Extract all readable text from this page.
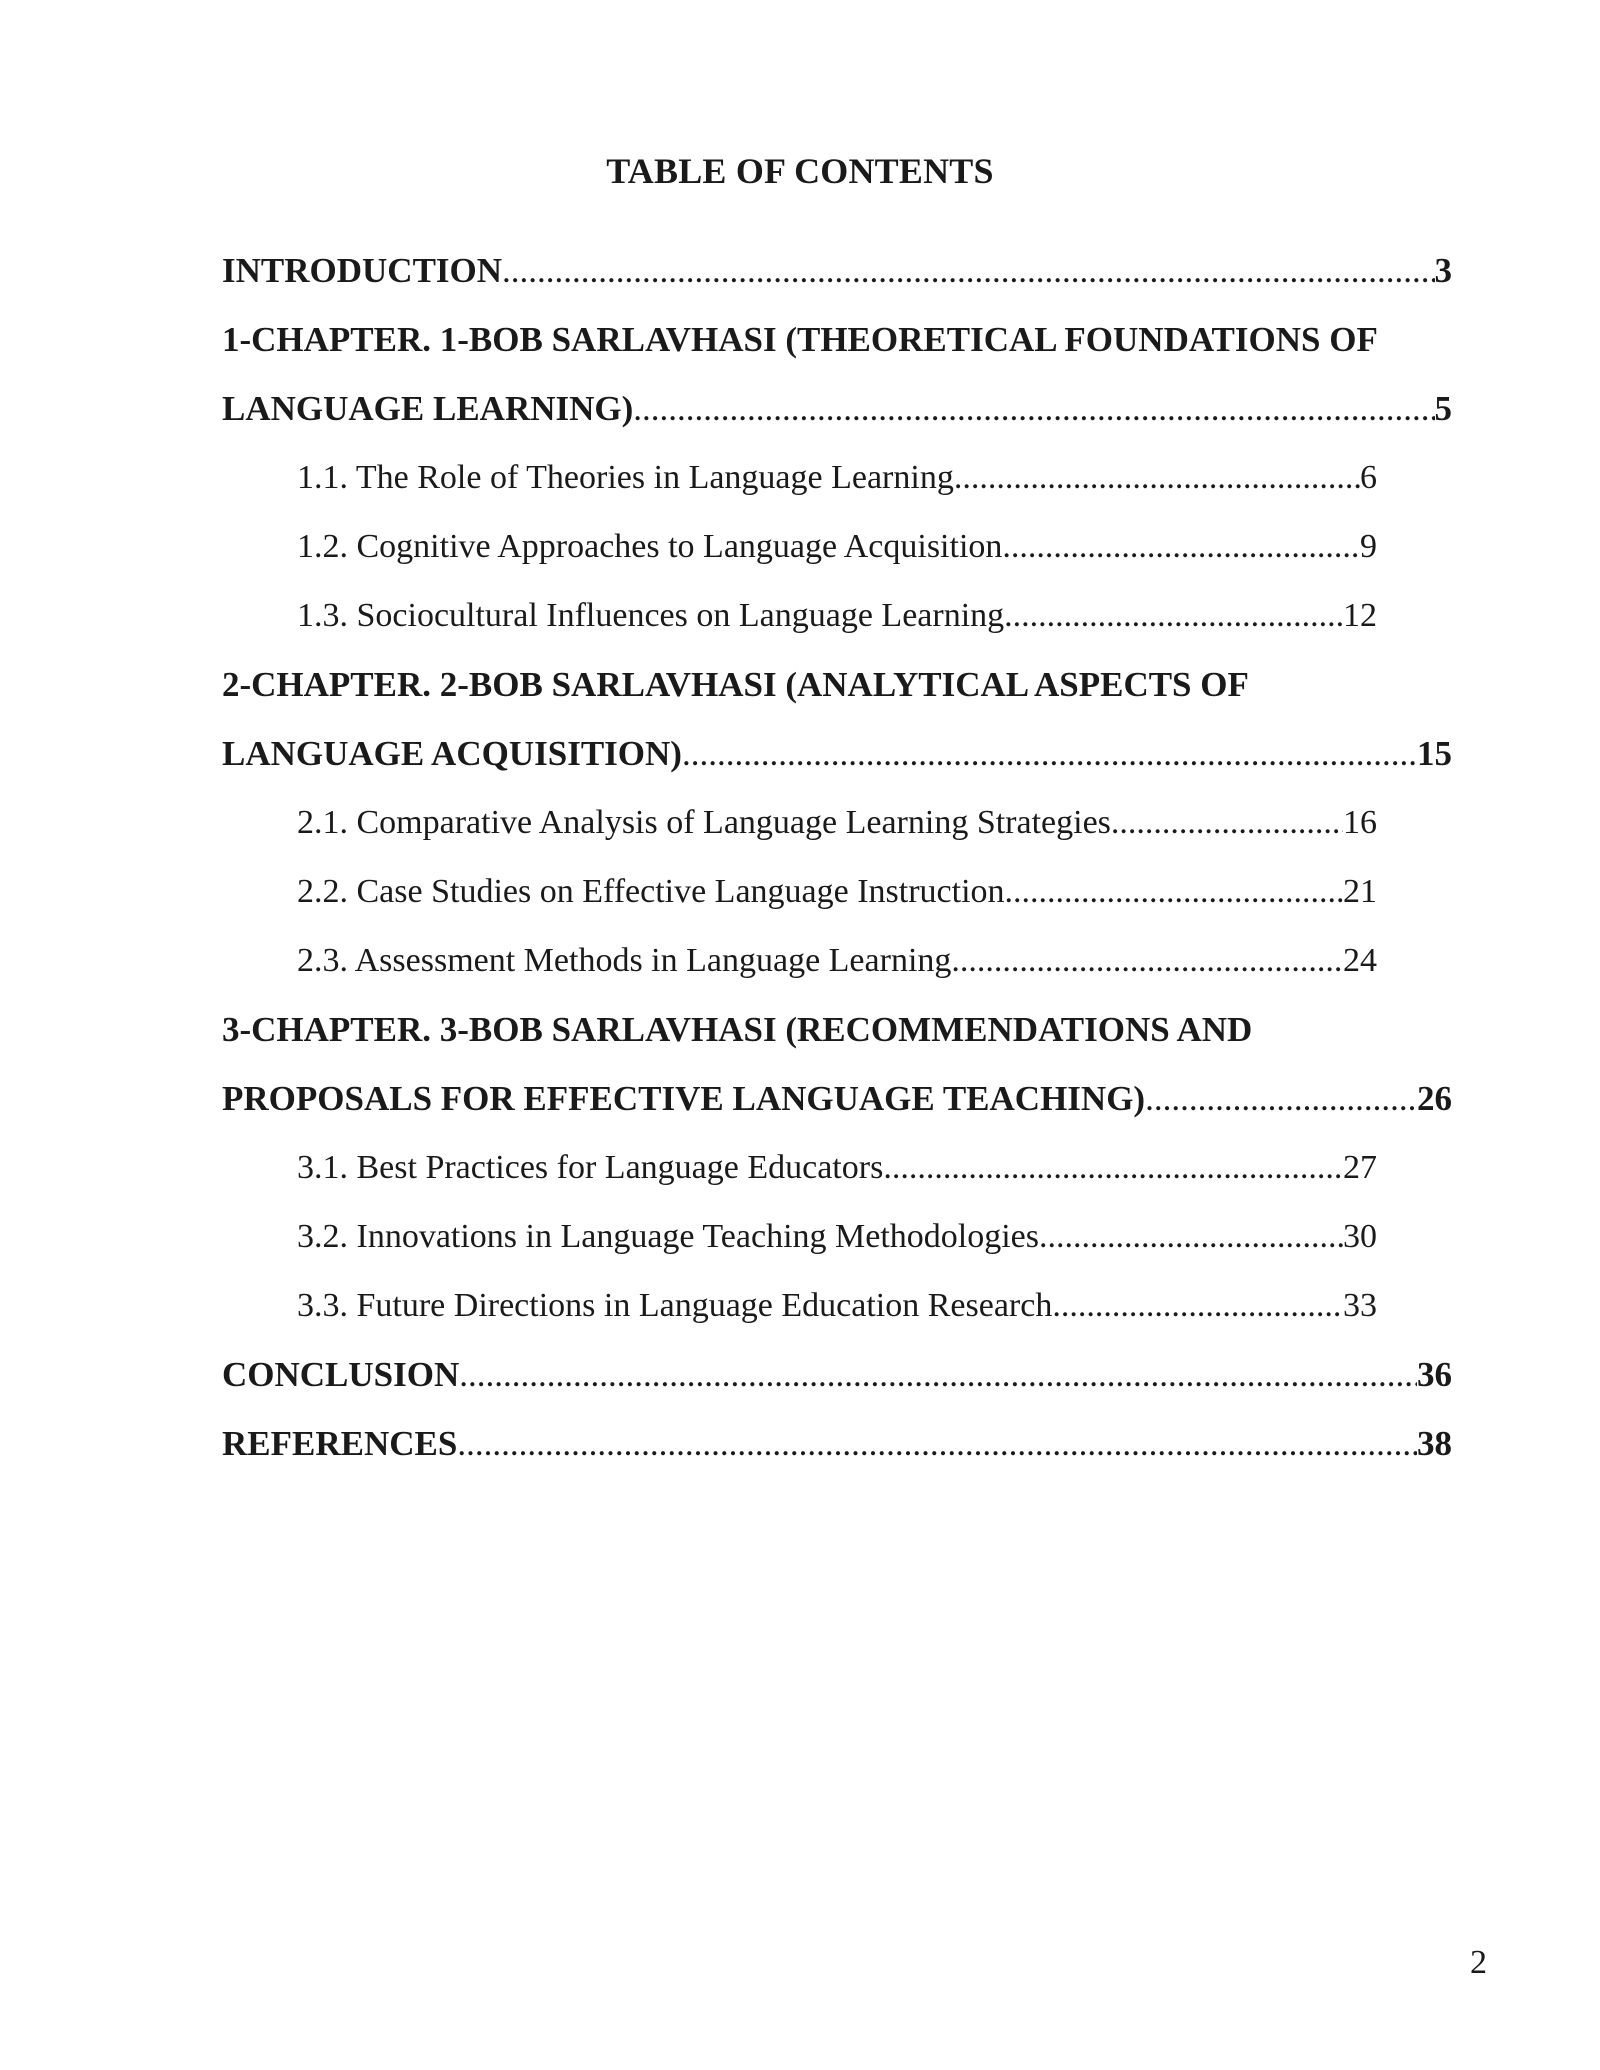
TABLE OF CONTENTS
INTRODUCTION .....	3
1-CHAPTER. 1-BOB SARLAVHASI (THEORETICAL FOUNDATIONS OF
LANGUAGE LEARNING) .....	5
1.1. The Role of Theories in Language Learning .....	6
1.2. Cognitive Approaches to Language Acquisition .....	9
1.3. Sociocultural Influences on Language Learning .....	12
2-CHAPTER. 2-BOB SARLAVHASI (ANALYTICAL ASPECTS OF
LANGUAGE ACQUISITION) .....	15
2.1. Comparative Analysis of Language Learning Strategies .....	16
2.2. Case Studies on Effective Language Instruction .....	21
2.3. Assessment Methods in Language Learning .....	24
3-CHAPTER. 3-BOB SARLAVHASI (RECOMMENDATIONS AND
PROPOSALS FOR EFFECTIVE LANGUAGE TEACHING) .....	26
3.1. Best Practices for Language Educators .....	27
3.2. Innovations in Language Teaching Methodologies .....	30
3.3. Future Directions in Language Education Research .....	33
CONCLUSION .....	36
REFERENCES .....	38
2
